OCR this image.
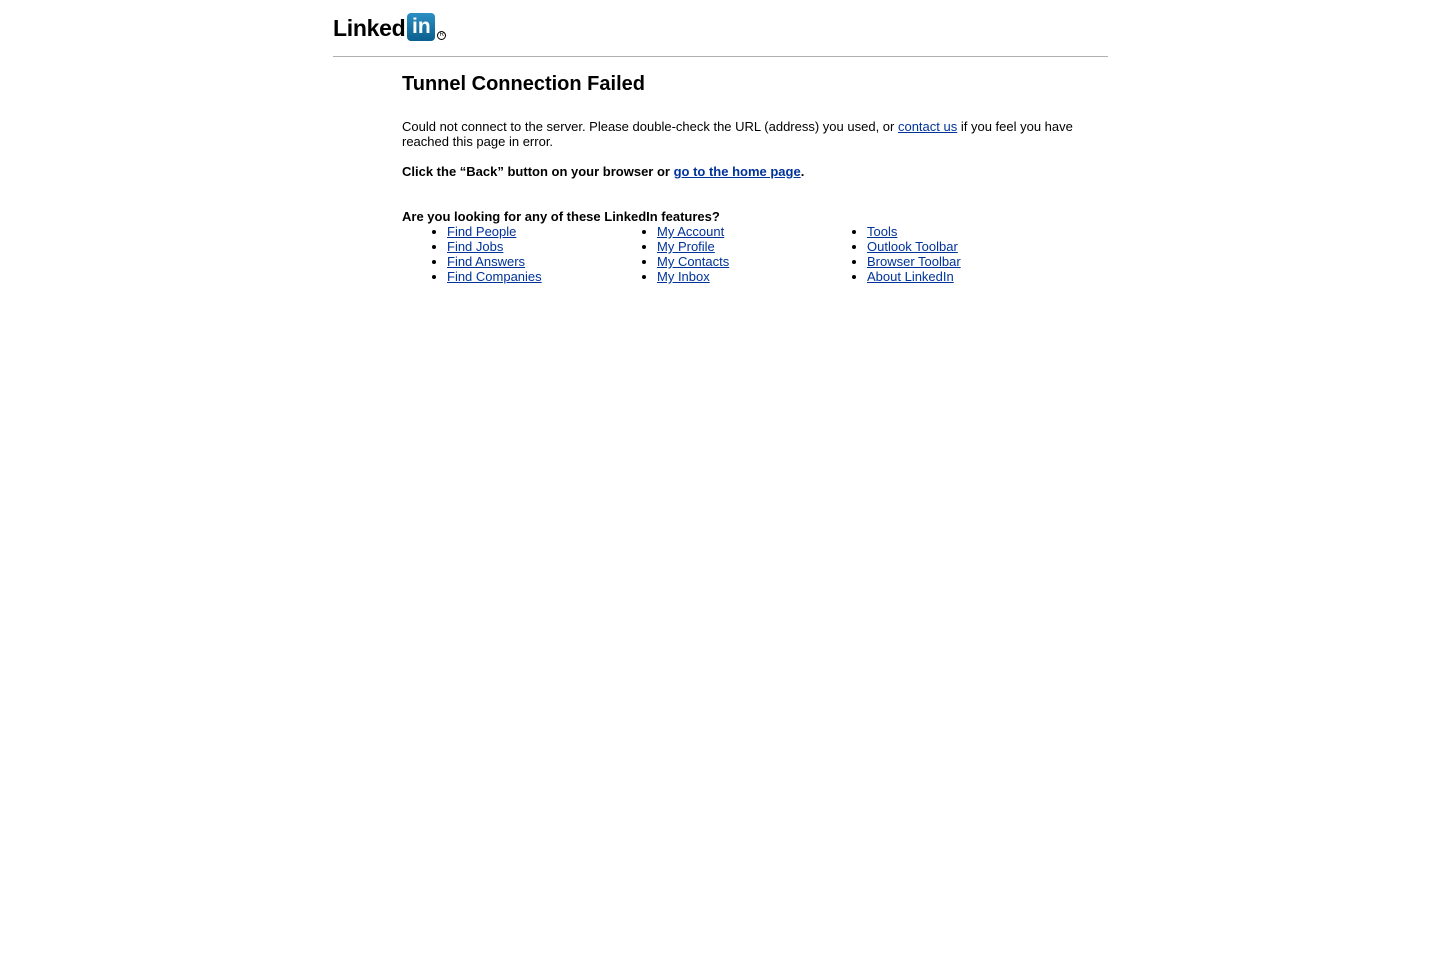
Linked in	R
Tunnel Connection Failed

Could not connect to the server. Please double-check the URL (address) you used, or contact us if you feel you have reached this page in error.

Click the “Back” button on your browser or go to the home page.

Are you looking for any of these LinkedIn features?

• Find People
• Find Jobs
• Find Answers
• Find Companies
• My Account
• My Profile
• My Contacts
• My Inbox
• Tools
• Outlook Toolbar
• Browser Toolbar
• About LinkedIn
